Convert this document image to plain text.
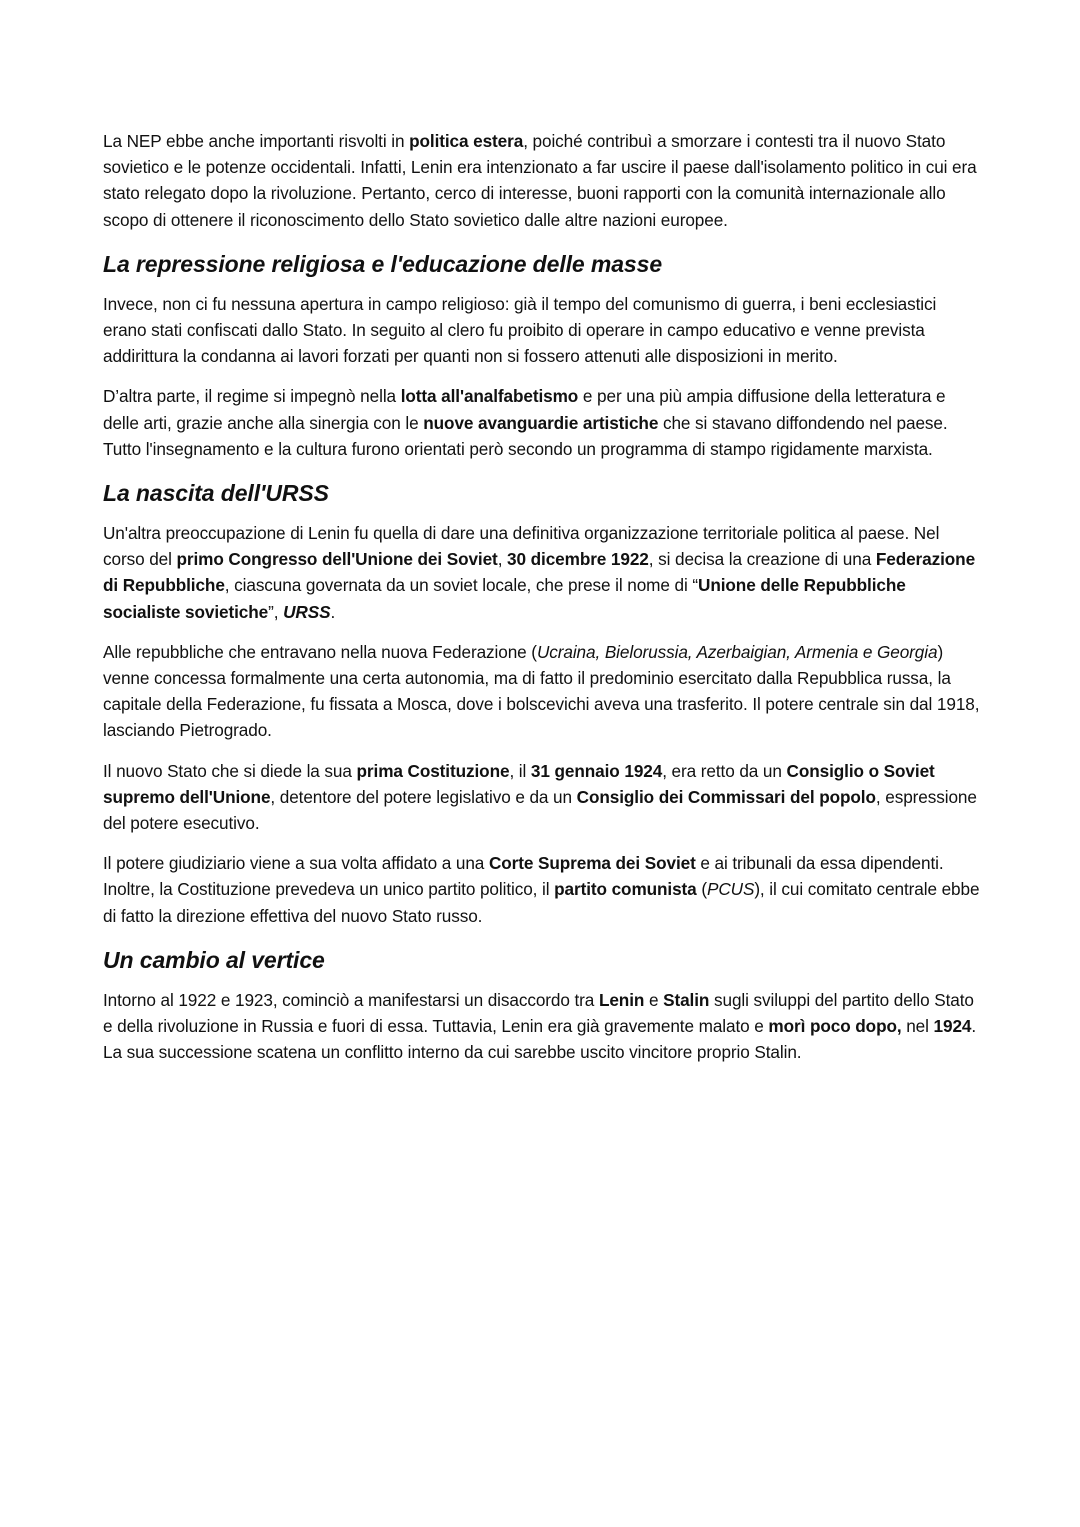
La NEP ebbe anche importanti risvolti in politica estera, poiché contribuì a smorzare i contesti tra il nuovo Stato sovietico e le potenze occidentali. Infatti, Lenin era intenzionato a far uscire il paese dall'isolamento politico in cui era stato relegato dopo la rivoluzione. Pertanto, cerco di interesse, buoni rapporti con la comunità internazionale allo scopo di ottenere il riconoscimento dello Stato sovietico dalle altre nazioni europee.

La repressione religiosa e l'educazione delle masse

Invece, non ci fu nessuna apertura in campo religioso: già il tempo del comunismo di guerra, i beni ecclesiastici erano stati confiscati dallo Stato. In seguito al clero fu proibito di operare in campo educativo e venne prevista addirittura la condanna ai lavori forzati per quanti non si fossero attenuti alle disposizioni in merito.

D’altra parte, il regime si impegnò nella lotta all'analfabetismo e per una più ampia diffusione della letteratura e delle arti, grazie anche alla sinergia con le nuove avanguardie artistiche che si stavano diffondendo nel paese. Tutto l'insegnamento e la cultura furono orientati però secondo un programma di stampo rigidamente marxista.

La nascita dell'URSS

Un'altra preoccupazione di Lenin fu quella di dare una definitiva organizzazione territoriale politica al paese. Nel corso del primo Congresso dell'Unione dei Soviet, 30 dicembre 1922, si decisa la creazione di una Federazione di Repubbliche, ciascuna governata da un soviet locale, che prese il nome di “Unione delle Repubbliche socialiste sovietiche”, URSS.

Alle repubbliche che entravano nella nuova Federazione (Ucraina, Bielorussia, Azerbaigian, Armenia e Georgia) venne concessa formalmente una certa autonomia, ma di fatto il predominio esercitato dalla Repubblica russa, la capitale della Federazione, fu fissata a Mosca, dove i bolscevichi aveva una trasferito. Il potere centrale sin dal 1918, lasciando Pietrogrado.

Il nuovo Stato che si diede la sua prima Costituzione, il 31 gennaio 1924, era retto da un Consiglio o Soviet supremo dell'Unione, detentore del potere legislativo e da un Consiglio dei Commissari del popolo, espressione del potere esecutivo.

Il potere giudiziario viene a sua volta affidato a una Corte Suprema dei Soviet e ai tribunali da essa dipendenti. Inoltre, la Costituzione prevedeva un unico partito politico, il partito comunista (PCUS), il cui comitato centrale ebbe di fatto la direzione effettiva del nuovo Stato russo.

Un cambio al vertice

Intorno al 1922 e 1923, cominciò a manifestarsi un disaccordo tra Lenin e Stalin sugli sviluppi del partito dello Stato e della rivoluzione in Russia e fuori di essa. Tuttavia, Lenin era già gravemente malato e morì poco dopo, nel 1924. La sua successione scatena un conflitto interno da cui sarebbe uscito vincitore proprio Stalin.
